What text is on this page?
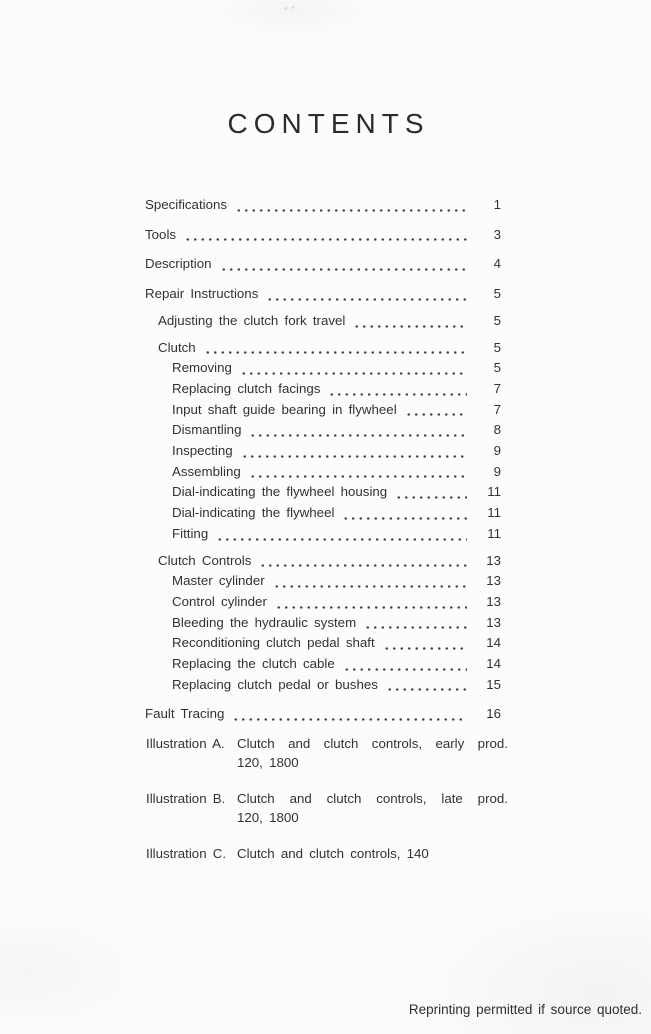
CONTENTS
Specifications	1
Tools	3
Description	4
Repair Instructions	5
Adjusting the clutch fork travel	5
Clutch	5
Removing	5
Replacing clutch facings	7
Input shaft guide bearing in flywheel	7
Dismantling	8
Inspecting	9
Assembling	9
Dial-indicating the flywheel housing	11
Dial-indicating the flywheel	11
Fitting	11
Clutch Controls	13
Master cylinder	13
Control cylinder	13
Bleeding the hydraulic system	13
Reconditioning clutch pedal shaft	14
Replacing the clutch cable	14
Replacing clutch pedal or bushes	15
Fault Tracing	16
Illustration A. Clutch and clutch controls, early prod.
120, 1800
Illustration B. Clutch and clutch controls, late prod.
120, 1800
Illustration C. Clutch and clutch controls, 140
Reprinting permitted if source quoted.
